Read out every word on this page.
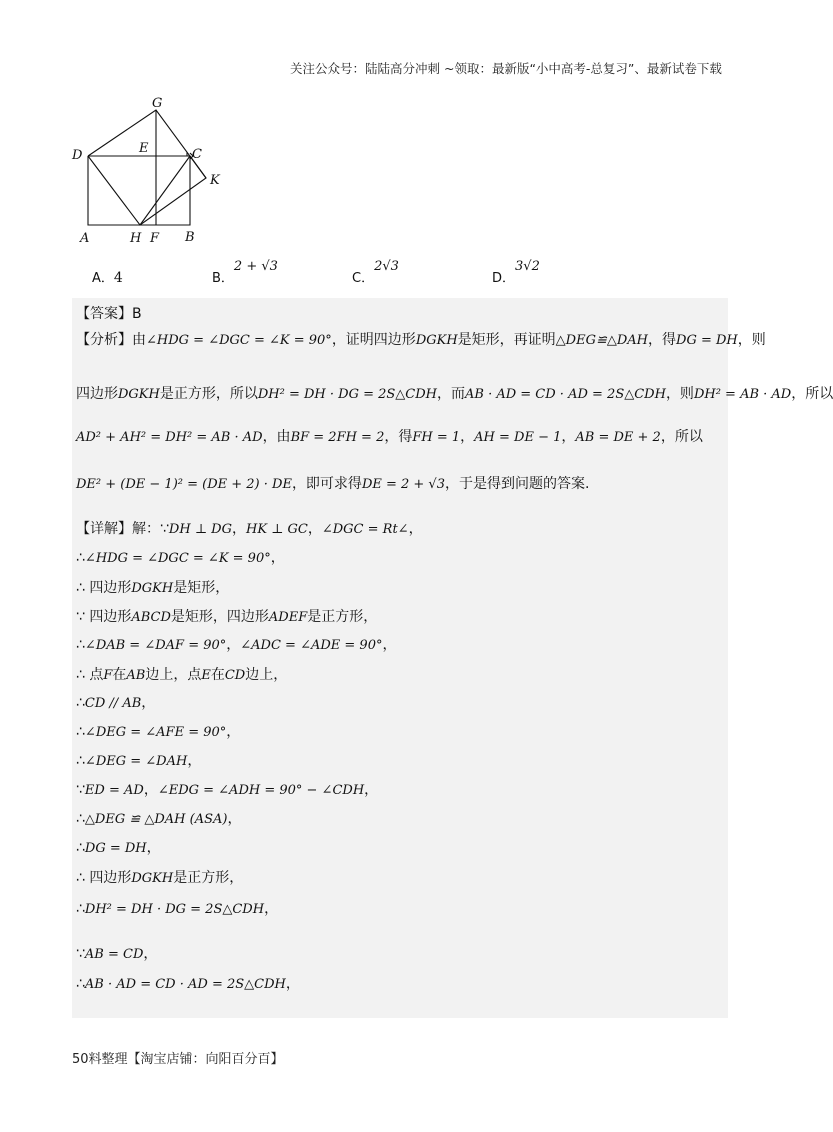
关注公众号：陆陆高分冲刺 ~领取：最新版“小中高考-总复习”、最新试卷下载
G
D	E	C
K
A	H F B
A．4	B．2 + √3
C．2√3
D．3√2
【答案】B
【分析】由∠HDG = ∠DGC = ∠K = 90°，证明四边形DGKH是矩形，再证明△DEG≌△DAH，得DG = DH，则
四边形DGKH是正方形，所以DH² = DH · DG = 2S△CDH，而AB · AD = CD · AD = 2S△CDH，则DH² = AB · AD，所以
AD² + AH² = DH² = AB · AD，由BF = 2FH = 2，得FH = 1，AH = DE − 1，AB = DE + 2，所以
DE² + (DE − 1)² = (DE + 2) · DE，即可求得DE = 2 + √3，于是得到问题的答案.
【详解】解：∵DH ⊥ DG，HK ⊥ GC，∠DGC = Rt∠，
∴∠HDG = ∠DGC = ∠K = 90°，
∴ 四边形DGKH是矩形，
∵ 四边形ABCD是矩形，四边形ADEF是正方形，
∴∠DAB = ∠DAF = 90°，∠ADC = ∠ADE = 90°，
∴ 点F在AB边上，点E在CD边上，
∴CD // AB，
∴∠DEG = ∠AFE = 90°，
∴∠DEG = ∠DAH，
∵ED = AD，∠EDG = ∠ADH = 90° − ∠CDH，
∴△DEG ≌ △DAH (ASA)，
∴DG = DH，
∴ 四边形DGKH是正方形，
∴DH² = DH · DG = 2S△CDH，
∵AB = CD，
∴AB · AD = CD · AD = 2S△CDH，
50料整理【淘宝店铺：向阳百分百】
